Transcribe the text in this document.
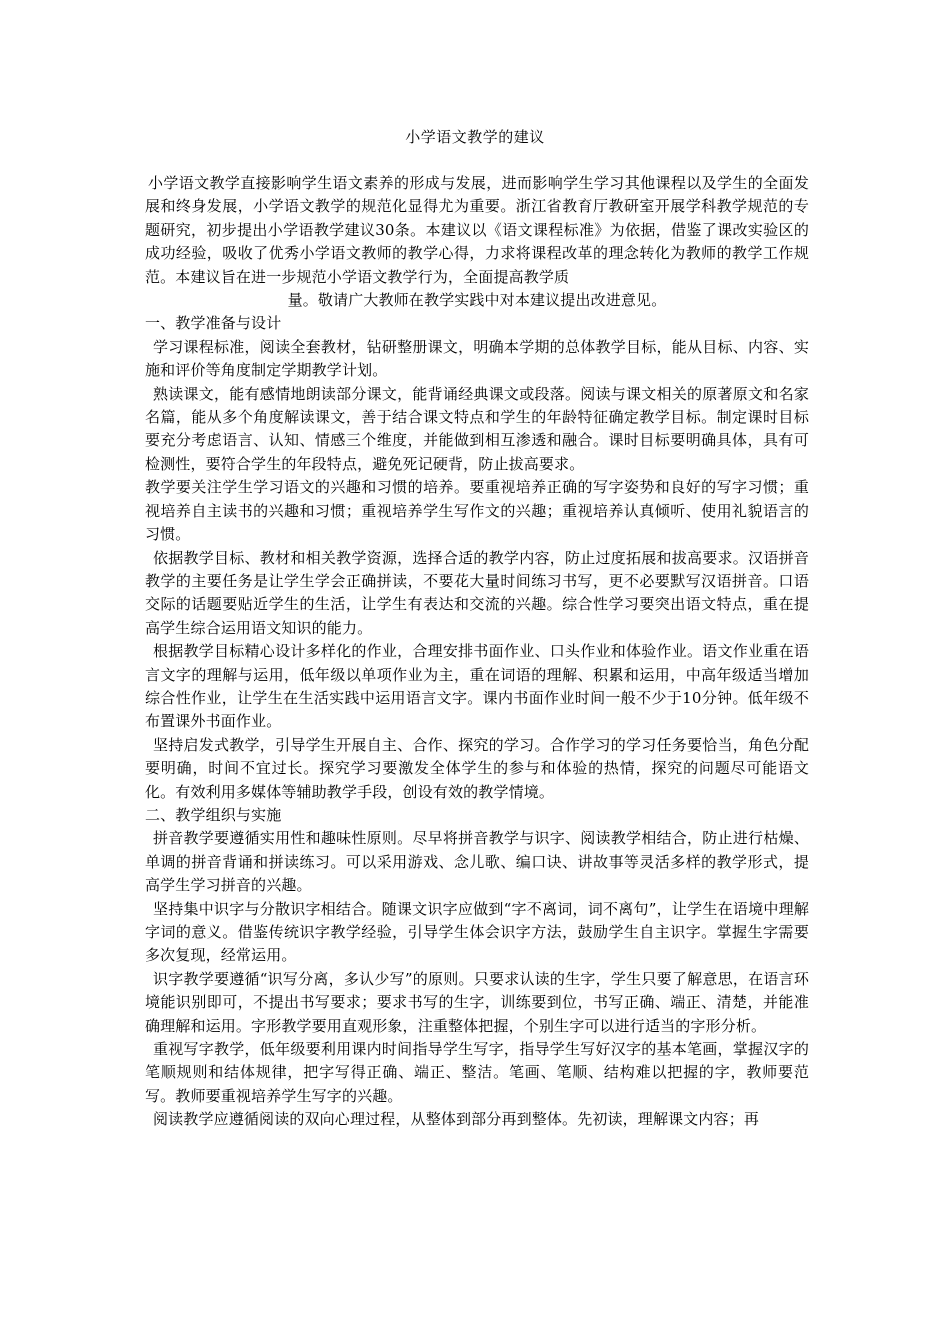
小学语文教学的建议

小学语文教学直接影响学生语文素养的形成与发展，进而影响学生学习其他课程以及学生的全面发展和终身发展，小学语文教学的规范化显得尤为重要。浙江省教育厅教研室开展学科教学规范的专题研究，初步提出小学语教学建议30条。本建议以《语文课程标准》为依据，借鉴了课改实验区的成功经验，吸收了优秀小学语文教师的教学心得，力求将课程改革的理念转化为教师的教学工作规范。本建议旨在进一步规范小学语文教学行为，全面提高教学质

量。敬请广大教师在教学实践中对本建议提出改进意见。

一、教学准备与设计

学习课程标准，阅读全套教材，钻研整册课文，明确本学期的总体教学目标，能从目标、内容、实施和评价等角度制定学期教学计划。

熟读课文，能有感情地朗读部分课文，能背诵经典课文或段落。阅读与课文相关的原著原文和名家名篇，能从多个角度解读课文，善于结合课文特点和学生的年龄特征确定教学目标。制定课时目标要充分考虑语言、认知、情感三个维度，并能做到相互渗透和融合。课时目标要明确具体，具有可检测性，要符合学生的年段特点，避免死记硬背，防止拔高要求。

教学要关注学生学习语文的兴趣和习惯的培养。要重视培养正确的写字姿势和良好的写字习惯；重视培养自主读书的兴趣和习惯；重视培养学生写作文的兴趣；重视培养认真倾听、使用礼貌语言的习惯。

依据教学目标、教材和相关教学资源，选择合适的教学内容，防止过度拓展和拔高要求。汉语拼音教学的主要任务是让学生学会正确拼读，不要花大量时间练习书写，更不必要默写汉语拼音。口语交际的话题要贴近学生的生活，让学生有表达和交流的兴趣。综合性学习要突出语文特点，重在提高学生综合运用语文知识的能力。

根据教学目标精心设计多样化的作业，合理安排书面作业、口头作业和体验作业。语文作业重在语言文字的理解与运用，低年级以单项作业为主，重在词语的理解、积累和运用，中高年级适当增加综合性作业，让学生在生活实践中运用语言文字。课内书面作业时间一般不少于10分钟。低年级不布置课外书面作业。

坚持启发式教学，引导学生开展自主、合作、探究的学习。合作学习的学习任务要恰当，角色分配要明确，时间不宜过长。探究学习要激发全体学生的参与和体验的热情，探究的问题尽可能语文化。有效利用多媒体等辅助教学手段，创设有效的教学情境。

二、教学组织与实施

拼音教学要遵循实用性和趣味性原则。尽早将拼音教学与识字、阅读教学相结合，防止进行枯燥、单调的拼音背诵和拼读练习。可以采用游戏、念儿歌、编口诀、讲故事等灵活多样的教学形式，提高学生学习拼音的兴趣。

坚持集中识字与分散识字相结合。随课文识字应做到“字不离词，词不离句”，让学生在语境中理解字词的意义。借鉴传统识字教学经验，引导学生体会识字方法，鼓励学生自主识字。掌握生字需要多次复现，经常运用。

识字教学要遵循“识写分离，多认少写”的原则。只要求认读的生字，学生只要了解意思，在语言环境能识别即可，不提出书写要求；要求书写的生字，训练要到位，书写正确、端正、清楚，并能准确理解和运用。字形教学要用直观形象，注重整体把握，个别生字可以进行适当的字形分析。

重视写字教学，低年级要利用课内时间指导学生写字，指导学生写好汉字的基本笔画，掌握汉字的笔顺规则和结体规律，把字写得正确、端正、整洁。笔画、笔顺、结构难以把握的字，教师要范写。教师要重视培养学生写字的兴趣。

阅读教学应遵循阅读的双向心理过程，从整体到部分再到整体。先初读，理解课文内容；再
